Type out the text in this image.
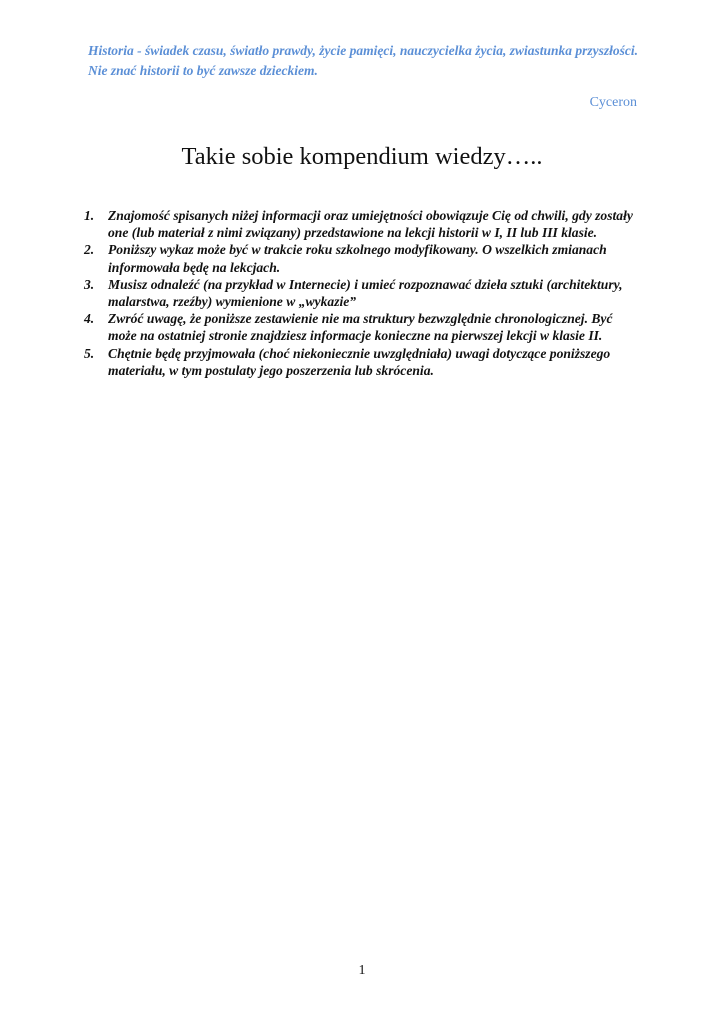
Historia - świadek czasu, światło prawdy, życie pamięci, nauczycielka życia, zwiastunka przyszłości. Nie znać historii to być zawsze dzieckiem.
Cyceron
Takie sobie kompendium wiedzy…..
1.	Znajomość spisanych niżej informacji oraz umiejętności obowiązuje Cię od chwili, gdy zostały one (lub materiał z nimi związany) przedstawione na lekcji historii w I, II lub III klasie.
2.	Poniższy wykaz może być w trakcie roku szkolnego modyfikowany. O wszelkich zmianach informowała będę na lekcjach.
3.	Musisz odnaleźć (na przykład w Internecie) i umieć rozpoznawać dzieła sztuki (architektury, malarstwa, rzeźby) wymienione w „wykazie”
4.	Zwróć uwagę, że poniższe zestawienie nie ma struktury bezwzględnie chronologicznej. Być może na ostatniej stronie znajdziesz informacje konieczne na pierwszej lekcji w klasie II.
5.	Chętnie będę przyjmowała (choć niekoniecznie uwzględniała) uwagi dotyczące poniższego materiału, w tym postulaty jego poszerzenia lub skrócenia.
1
